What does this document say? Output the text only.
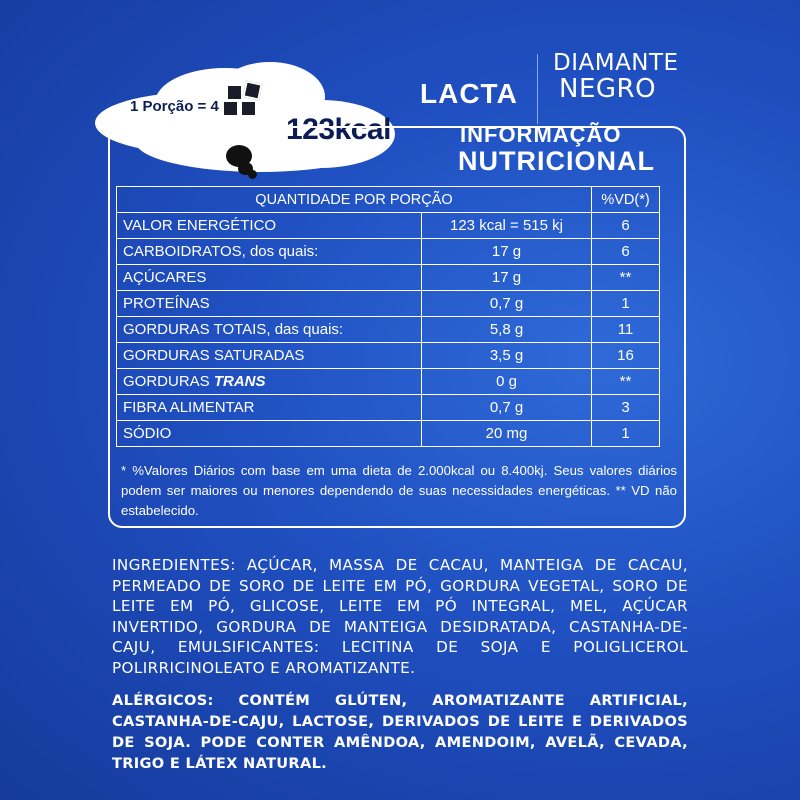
1 Porção = 4
123kcal
LACTA
DIAMANTE
NEGRO
INFORMAÇÃO
NUTRICIONAL
QUANTIDADE POR PORÇÃO		%VD(*)
VALOR ENERGÉTICO	123 kcal = 515 kj	6
CARBOIDRATOS, dos quais:	17 g	6
AÇÚCARES	17 g	**
PROTEÍNAS	0,7 g	1
GORDURAS TOTAIS, das quais:	5,8 g	11
GORDURAS SATURADAS	3,5 g	16
GORDURAS TRANS	0 g	**
FIBRA ALIMENTAR	0,7 g	3
SÓDIO	20 mg	1
* %Valores Diários com base em uma dieta de 2.000kcal ou 8.400kj. Seus valores diários podem ser maiores ou menores dependendo de suas necessidades energéticas. ** VD não estabelecido.
INGREDIENTES: AÇÚCAR, MASSA DE CACAU, MANTEIGA DE CACAU, PERMEADO DE SORO DE LEITE EM PÓ, GORDURA VEGETAL, SORO DE LEITE EM PÓ, GLICOSE, LEITE EM PÓ INTEGRAL, MEL, AÇÚCAR INVERTIDO, GORDURA DE MANTEIGA DESIDRATADA, CASTANHA-DE-CAJU, EMULSIFICANTES: LECITINA DE SOJA E POLIGLICEROL POLIRRICINOLEATO E AROMATIZANTE.
ALÉRGICOS: CONTÉM GLÚTEN, AROMATIZANTE ARTIFICIAL, CASTANHA-DE-CAJU, LACTOSE, DERIVADOS DE LEITE E DERIVADOS DE SOJA. PODE CONTER AMÊNDOA, AMENDOIM, AVELÃ, CEVADA, TRIGO E LÁTEX NATURAL.
